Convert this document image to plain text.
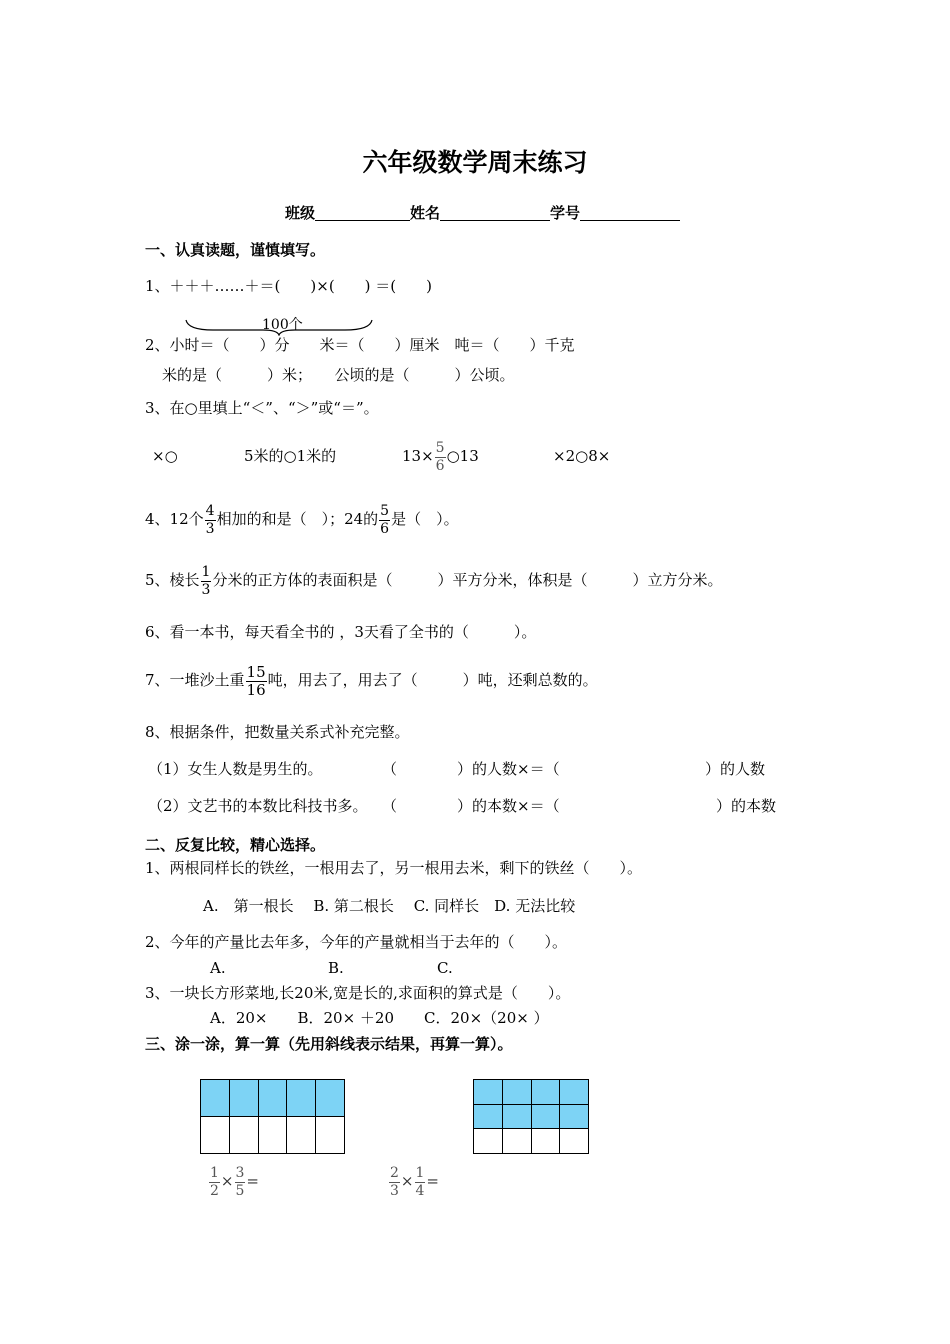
六年级数学周末练习
班级	姓名	学号
一、认真读题，谨慎填写。
1、＋＋＋……＋＝(　　)×(　　) ＝(　　)
100个
2、小时＝（　　）分　　米＝（　　）厘米　吨＝（　　）千克
米的是（　　　）米；　　公顷的是（　　　）公顷。
3、在○里填上“＜”、“＞”或“＝”。
×○	5米的○1米的	$13\times \frac{5}{6}$ ○13	×2○8×
4、12个 $\frac{4}{3}$ 相加的和是（　）；24的 $\frac{5}{6}$ 是（　）。
5、棱长 $\frac{1}{3}$ 分米的正方体的表面积是（　　　）平方分米，体积是（　　　）立方分米。
6、看一本书，每天看全书的 ，3天看了全书的（　　　）。
7、一堆沙土重 $\frac{15}{16}$ 吨，用去了，用去了（　　　）吨，还剩总数的。
8、根据条件，把数量关系式补充完整。
（1）女生人数是男生的。	（　　　　）的人数×＝（	）的人数
（2）文艺书的本数比科技书多。 （　　　　）的本数×＝（	）的本数
二、反复比较，精心选择。
1、两根同样长的铁丝，一根用去了，另一根用去米，剩下的铁丝（　　）。
A.　第一根长　 B. 第二根长　 C. 同样长　D. 无法比较
2、今年的产量比去年多，今年的产量就相当于去年的（　　）。
A.	B.	C.
3、一块长方形菜地,长20米,宽是长的,求面积的算式是（　　）。
A．20×　　B．20× ＋20　　C．20×（20× ）
三、涂一涂，算一算（先用斜线表示结果，再算一算）。

$\frac{1}{2} \times \frac{3}{5}$ =	$\frac{2}{3} \times \frac{1}{4}$ =
